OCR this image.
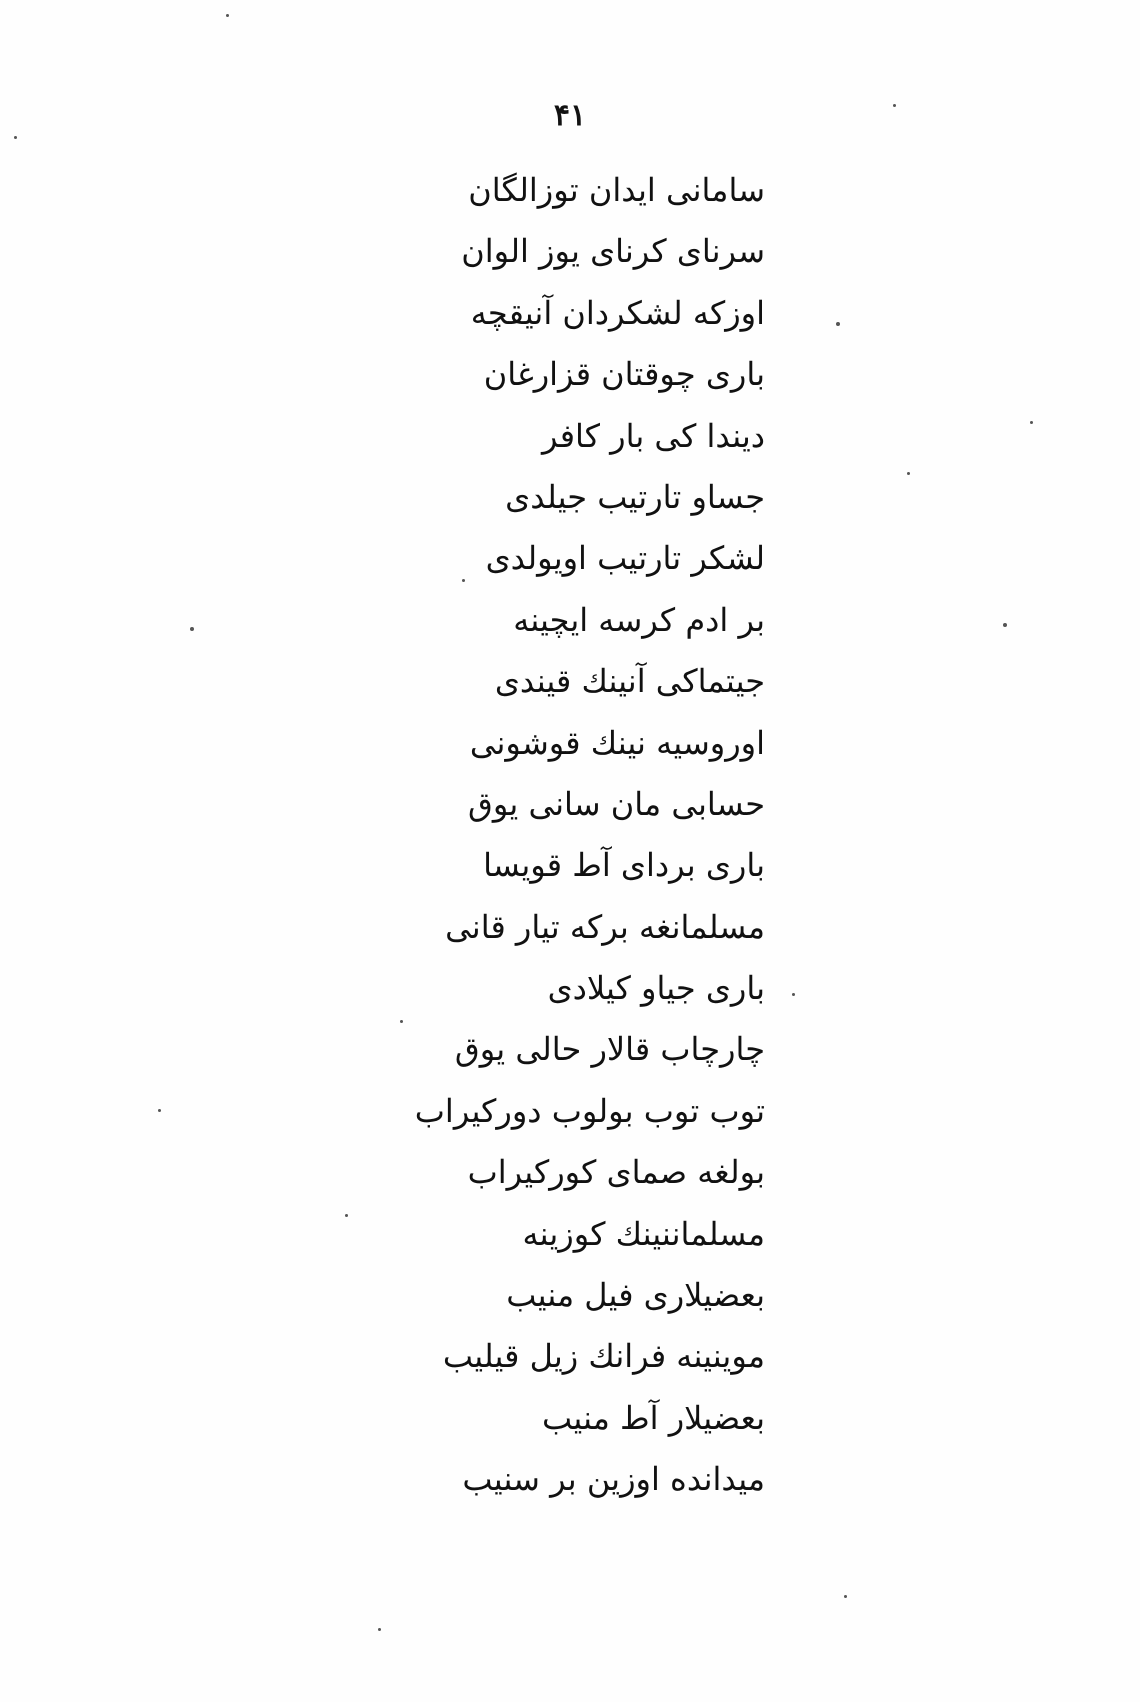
۴۱
سامانی ایدان توزالگان
سرنای کرنای یوز الوان
اوزکه لشکردان آنیقچه
باری چوقتان قزارغان
ديندا كى بار كافر
جساو تارتیب جیلدی
لشکر تارتیب اویولدی
بر ادم کرسه ایچینه
جیتماکی آنینك قیندی
اوروسیه نینك قوشونی
حسابی مان سانی یوق
باری بردای آط قویسا
مسلمانغه برکه تیار قانی
باری جیاو کیلادی
چارچاب قالار حالی یوق
توب توب بولوب دورکیراب
بولغه صمای کورکیراب
مسلماننینك کوزینه
بعضیلاری فیل منیب
موینینه فرانك زیل قیلیب
بعضیلار آط منیب
میدانده اوزین بر سنیب
